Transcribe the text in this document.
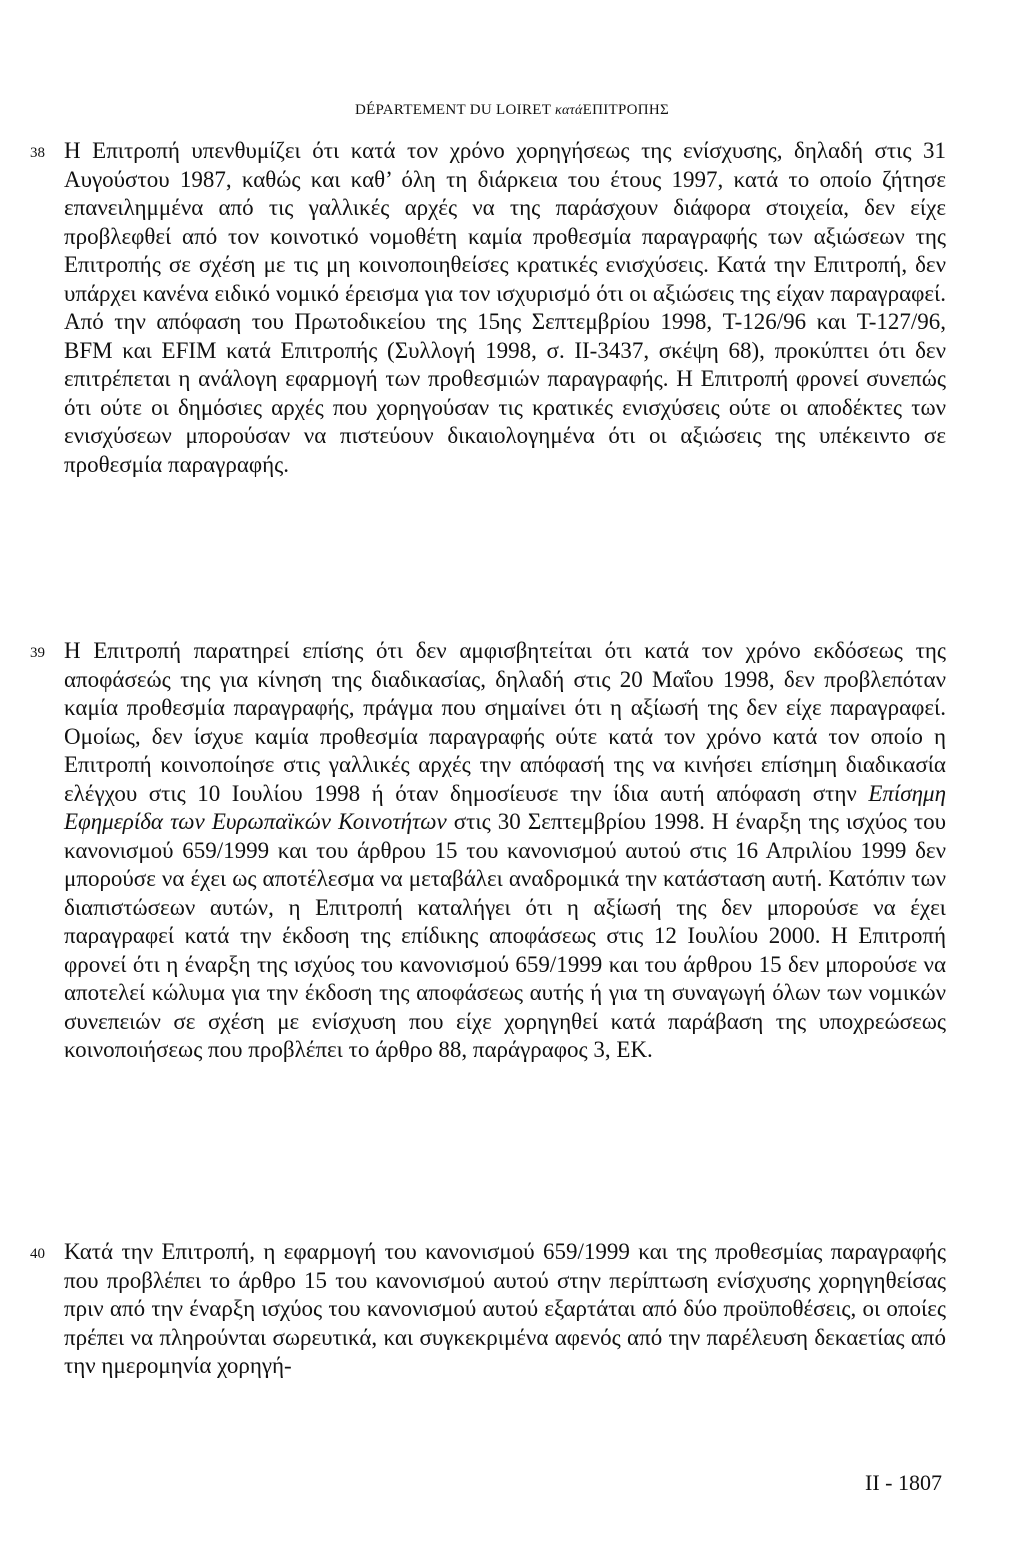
DÉPARTEMENT DU LOIRET κατάΕΠΙΤΡΟΠΗΣ
38 Η Επιτροπή υπενθυμίζει ότι κατά τον χρόνο χορηγήσεως της ενίσχυσης, δηλαδή στις 31 Αυγούστου 1987, καθώς και καθ’ όλη τη διάρκεια του έτους 1997, κατά το οποίο ζήτησε επανειλημμένα από τις γαλλικές αρχές να της παράσχουν διάφορα στοιχεία, δεν είχε προβλεφθεί από τον κοινοτικό νομοθέτη καμία προθεσμία παραγραφής των αξιώσεων της Επιτροπής σε σχέση με τις μη κοινοποιηθείσες κρατικές ενισχύσεις. Κατά την Επιτροπή, δεν υπάρχει κανένα ειδικό νομικό έρεισμα για τον ισχυρισμό ότι οι αξιώσεις της είχαν παραγραφεί. Από την απόφαση του Πρωτοδικείου της 15ης Σεπτεμβρίου 1998, T-126/96 και T-127/96, BFM και EFIM κατά Επιτροπής (Συλλογή 1998, σ. II-3437, σκέψη 68), προκύπτει ότι δεν επιτρέπεται η ανάλογη εφαρμογή των προθεσμιών παραγραφής. Η Επιτροπή φρονεί συνεπώς ότι ούτε οι δημόσιες αρχές που χορηγούσαν τις κρατικές ενισχύσεις ούτε οι αποδέκτες των ενισχύσεων μπορούσαν να πιστεύουν δικαιολογημένα ότι οι αξιώσεις της υπέκειντο σε προθεσμία παραγραφής.

39 Η Επιτροπή παρατηρεί επίσης ότι δεν αμφισβητείται ότι κατά τον χρόνο εκδόσεως της αποφάσεώς της για κίνηση της διαδικασίας, δηλαδή στις 20 Μαΐου 1998, δεν προβλεπόταν καμία προθεσμία παραγραφής, πράγμα που σημαίνει ότι η αξίωσή της δεν είχε παραγραφεί. Ομοίως, δεν ίσχυε καμία προθεσμία παραγραφής ούτε κατά τον χρόνο κατά τον οποίο η Επιτροπή κοινοποίησε στις γαλλικές αρχές την απόφασή της να κινήσει επίσημη διαδικασία ελέγχου στις 10 Ιουλίου 1998 ή όταν δημοσίευσε την ίδια αυτή απόφαση στην Επίσημη Εφημερίδα των Ευρωπαϊκών Κοινοτήτων στις 30 Σεπτεμβρίου 1998. Η έναρξη της ισχύος του κανονισμού 659/1999 και του άρθρου 15 του κανονισμού αυτού στις 16 Απριλίου 1999 δεν μπορούσε να έχει ως αποτέλεσμα να μεταβάλει αναδρομικά την κατάσταση αυτή. Κατόπιν των διαπιστώσεων αυτών, η Επιτροπή καταλήγει ότι η αξίωσή της δεν μπορούσε να έχει παραγραφεί κατά την έκδοση της επίδικης αποφάσεως στις 12 Ιουλίου 2000. Η Επιτροπή φρονεί ότι η έναρξη της ισχύος του κανονισμού 659/1999 και του άρθρου 15 δεν μπορούσε να αποτελεί κώλυμα για την έκδοση της αποφάσεως αυτής ή για τη συναγωγή όλων των νομικών συνεπειών σε σχέση με ενίσχυση που είχε χορηγηθεί κατά παράβαση της υποχρεώσεως κοινοποιήσεως που προβλέπει το άρθρο 88, παράγραφος 3, ΕΚ.

40 Κατά την Επιτροπή, η εφαρμογή του κανονισμού 659/1999 και της προθεσμίας παραγραφής που προβλέπει το άρθρο 15 του κανονισμού αυτού στην περίπτωση ενίσχυσης χορηγηθείσας πριν από την έναρξη ισχύος του κανονισμού αυτού εξαρτάται από δύο προϋποθέσεις, οι οποίες πρέπει να πληρούνται σωρευτικά, και συγκεκριμένα αφενός από την παρέλευση δεκαετίας από την ημερομηνία χορηγή-

II - 1807
